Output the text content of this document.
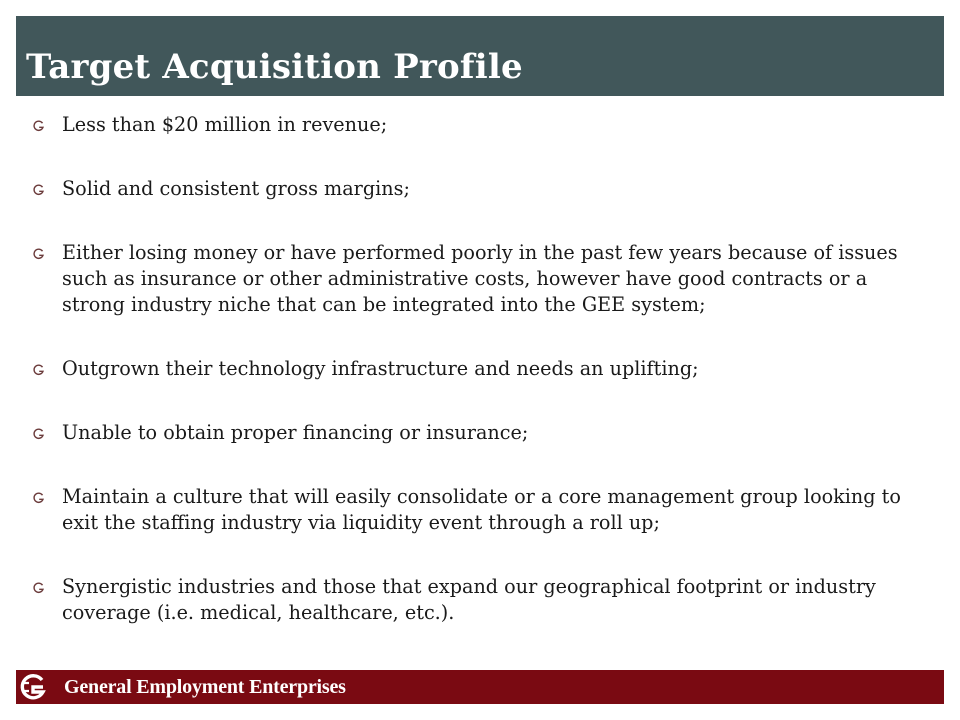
Target Acquisition Profile
Less than $20 million in revenue;
Solid and consistent gross margins;
Either losing money or have performed poorly in the past few years because of issues such as insurance or other administrative costs, however have good contracts or a strong industry niche that can be integrated into the GEE system;
Outgrown their technology infrastructure and needs an uplifting;
Unable to obtain proper financing or insurance;
Maintain a culture that will easily consolidate or a core management group looking to exit the staffing industry via liquidity event through a roll up;
Synergistic industries and those that expand our geographical footprint or industry coverage (i.e. medical, healthcare, etc.).
General Employment Enterprises
